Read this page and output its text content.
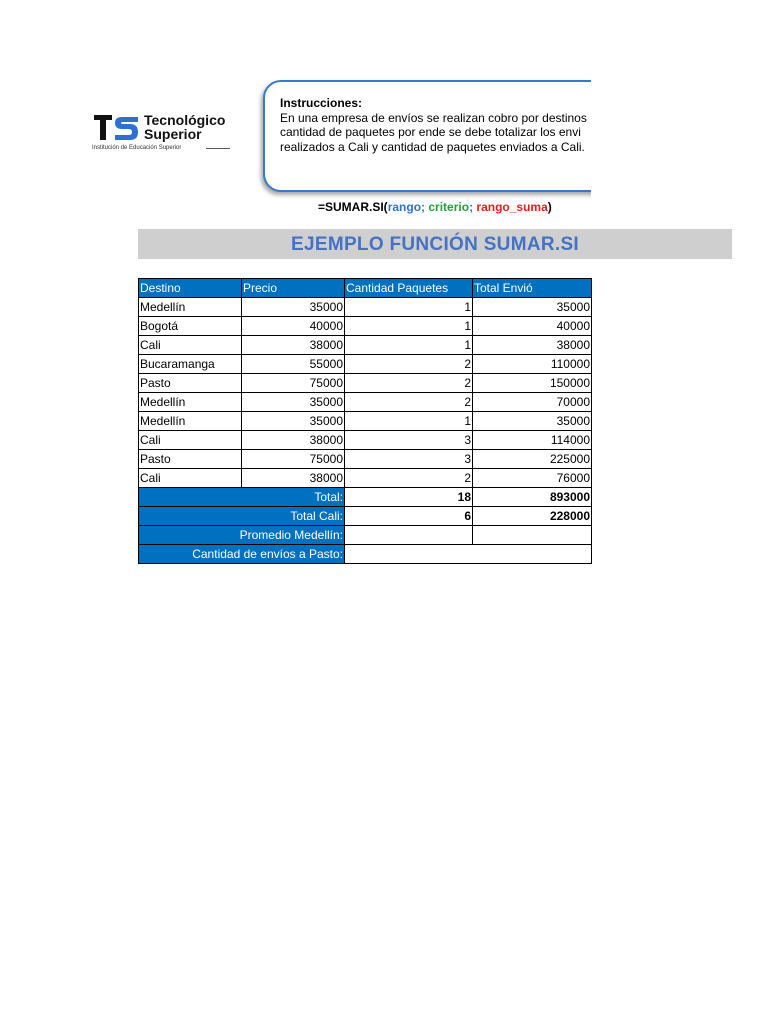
Tecnológico
Superior
Institución de Educación Superior
Instrucciones:
En una empresa de envíos se realizan cobro por destinos
cantidad de paquetes por ende se debe totalizar los envi
realizados a Cali y cantidad de paquetes enviados a Cali.
=SUMAR.SI(rango; criterio; rango_suma)
EJEMPLO FUNCIÓN SUMAR.SI
Destino	Precio	Cantidad Paquetes	Total Envió
Medellín	35000	1	35000
Bogotá	40000	1	40000
Cali	38000	1	38000
Bucaramanga	55000	2	110000
Pasto	75000	2	150000
Medellín	35000	2	70000
Medellín	35000	1	35000
Cali	38000	3	114000
Pasto	75000	3	225000
Cali	38000	2	76000
Total:		18	893000
Total Cali:		6	228000
Promedio Medellín:			
Cantidad de envíos a Pasto:			
